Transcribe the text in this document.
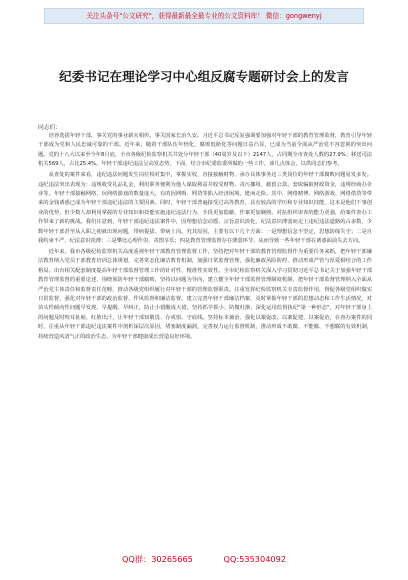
关注头条号"公文研究"，获得最新最全最专业的公文资料库！ 微信：gongwenyj
纪委书记在理论学习中心组反腐专题研讨会上的发言
同志们：

培养选拔年轻干部，事关党的事业薪火相传。事关国家长治久安。习近平总书记反复强调要加强对年轻干部的教育管理监督，教育引导年轻干部成为党和人民忠诚可靠的干部。近年来，随着干部队伍年轻化，腐败低龄化等问题日益凸显，已成为当前全面从严治党不容忽视的突出问题。党的十八大以来至今年8月底，全市各级纪检监察机关共处分年轻干部（40周岁及以下）2147人，占同期全市查处人数的27.9%；移送司法机关569人，占比25.4%。年轻干部违纪违法呈高发态势，下面，结合市纪委监委所做的一些工作，谈几点体会，以供同志们参考。

从查处的案件来看，违纪违法问题发生岗位相对集中，掌握实权，直接接触财物、承办具体事务这三类岗位的年轻干部腐败问题易发多发。违纪违法突出表现为：违规收受礼品礼金，利用职务便利为他人谋取利益并收受财物，贪污挪用、截留公款，套取骗取财政资金，违规经商办企业等。年轻干部接触网络、玩网络游戏的数量庞大，有的因网购、网贷等陷入经济困境，铤而走险。其中，网络赌博、网络游戏、网络借贷等带来的金钱诱惑已成为年轻干部违纪违法的主要因素。同时，年轻干部普遍接受过高等教育，具有较高的学历和专业知识技能，这本是他们干事创业的优势，但少数人却利用掌握的专业知识和技能实施违纪违法行为，手段更加隐蔽，作案更加娴熟，对抗组织审查的能力更强，给案件查办工作带来了新的挑战。我们注意到，年轻干部违纪违法案件中，因理想信念动摇、宗旨意识淡化、纪法意识薄弱而走上违纪违法道路的占多数，少数年轻干部甚至从入职之初就出现问题，带病提拔、带病上岗。究其原因，主要有以下几个方面：一是理想信念不坚定，思想防线失守；二是自我约束不严，纪法意识淡薄；三是攀比心理作祟，贪图享乐；四是教育管理监督存在薄弱环节，从而导致一些年轻干部在诱惑面前失去方向。

近年来，我市各级纪检监察机关高度重视年轻干部教育管理监督工作，坚持把对年轻干部的教育管理监督作为重要任务来抓，把年轻干部廉洁教育纳入党员干部教育培训总体规划，完善常态化廉洁教育机制，加强日常监督管理，强化廉政风险防控，推动形成严管与厚爱相结合的工作格局。出台相关配套制度提高年轻干部监督管理工作的针对性、精准性实效性。全市纪检监察机关深入学习贯彻习近平总书记关于加强年轻干部教育管理监督的重要论述，围绕预防年轻干部腐败，坚持以问题为导向，建立健全年轻干部监督管理制度机制，把年轻干部监督管理纳入全面从严治党主体责任和监督责任范畴，推动各级党组织履行对年轻干部的管理监督职责。注重发挥纪检监察机关专责监督作用，督促各级党组织做实日常监督，强化对年轻干部的政治监督、作风监督和廉洁监督。建立完善年轻干部廉洁档案，及时掌握年轻干部的思想动态和工作生活情况，对苗头性倾向性问题早发现、早提醒、早纠正，防止小错酿成大错。坚持抓早抓小、防微杜渐，深化运用监督执纪"第一种形态"，对年轻干部身上的问题及时咬耳扯袖、红脸出汗，让年轻干部知敬畏、存戒惧、守底线。坚持标本兼治、强化以案促改、以案促建、以案促治，在查办案件的同时，注重从年轻干部违纪违法案件中剖析深层次原因，堵塞制度漏洞，完善权力运行监督机制，推动形成不敢腐、不能腐、不想腐的有效机制，持续营造风清气正的政治生态，为年轻干部健康成长营造良好环境。

QQ群：30265665	QQ:535304092
